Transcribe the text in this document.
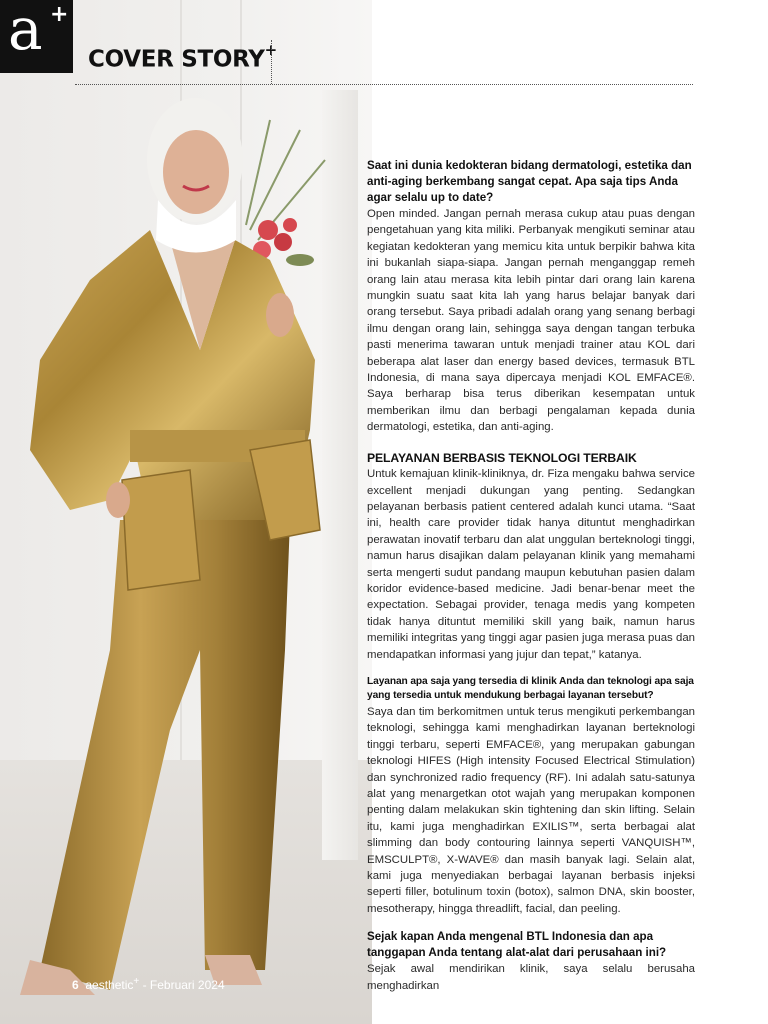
a +
COVER STORY+

Saat ini dunia kedokteran bidang dermatologi, estetika dan anti-aging berkembang sangat cepat. Apa saja tips Anda agar selalu up to date?

Open minded. Jangan pernah merasa cukup atau puas dengan pengetahuan yang kita miliki. Perbanyak mengikuti seminar atau kegiatan kedokteran yang memicu kita untuk berpikir bahwa kita ini bukanlah siapa-siapa. Jangan pernah menganggap remeh orang lain atau merasa kita lebih pintar dari orang lain karena mungkin suatu saat kita lah yang harus belajar banyak dari orang tersebut. Saya pribadi adalah orang yang senang berbagi ilmu dengan orang lain, sehingga saya dengan tangan terbuka pasti menerima tawaran untuk menjadi trainer atau KOL dari beberapa alat laser dan energy based devices, termasuk BTL Indonesia, di mana saya dipercaya menjadi KOL EMFACE®. Saya berharap bisa terus diberikan kesempatan untuk memberikan ilmu dan berbagi pengalaman kepada dunia dermatologi, estetika, dan anti-aging.

PELAYANAN BERBASIS TEKNOLOGI TERBAIK

Untuk kemajuan klinik-kliniknya, dr. Fiza mengaku bahwa service excellent menjadi dukungan yang penting. Sedangkan pelayanan berbasis patient centered adalah kunci utama. “Saat ini, health care provider tidak hanya dituntut menghadirkan perawatan inovatif terbaru dan alat unggulan berteknologi tinggi, namun harus disajikan dalam pelayanan klinik yang memahami serta mengerti sudut pandang maupun kebutuhan pasien dalam koridor evidence-based medicine. Jadi benar-benar meet the expectation. Sebagai provider, tenaga medis yang kompeten tidak hanya dituntut memiliki skill yang baik, namun harus memiliki integritas yang tinggi agar pasien juga merasa puas dan mendapatkan informasi yang jujur dan tepat,” katanya.

Layanan apa saja yang tersedia di klinik Anda dan teknologi apa saja yang tersedia untuk mendukung berbagai layanan tersebut?

Saya dan tim berkomitmen untuk terus mengikuti perkembangan teknologi, sehingga kami menghadirkan layanan berteknologi tinggi terbaru, seperti EMFACE®, yang merupakan gabungan teknologi HIFES (High intensity Focused Electrical Stimulation) dan synchronized radio frequency (RF). Ini adalah satu-satunya alat yang menargetkan otot wajah yang merupakan komponen penting dalam melakukan skin tightening dan skin lifting. Selain itu, kami juga menghadirkan EXILIS™, serta berbagai alat slimming dan body contouring lainnya seperti VANQUISH™, EMSCULPT®, X-WAVE® dan masih banyak lagi. Selain alat, kami juga menyediakan berbagai layanan berbasis injeksi seperti filler, botulinum toxin (botox), salmon DNA, skin booster, mesotherapy, hingga threadlift, facial, dan peeling.

Sejak kapan Anda mengenal BTL Indonesia dan apa tanggapan Anda tentang alat-alat dari perusahaan ini?

Sejak awal mendirikan klinik, saya selalu berusaha menghadirkan

6 aesthetic+ - Februari 2024
